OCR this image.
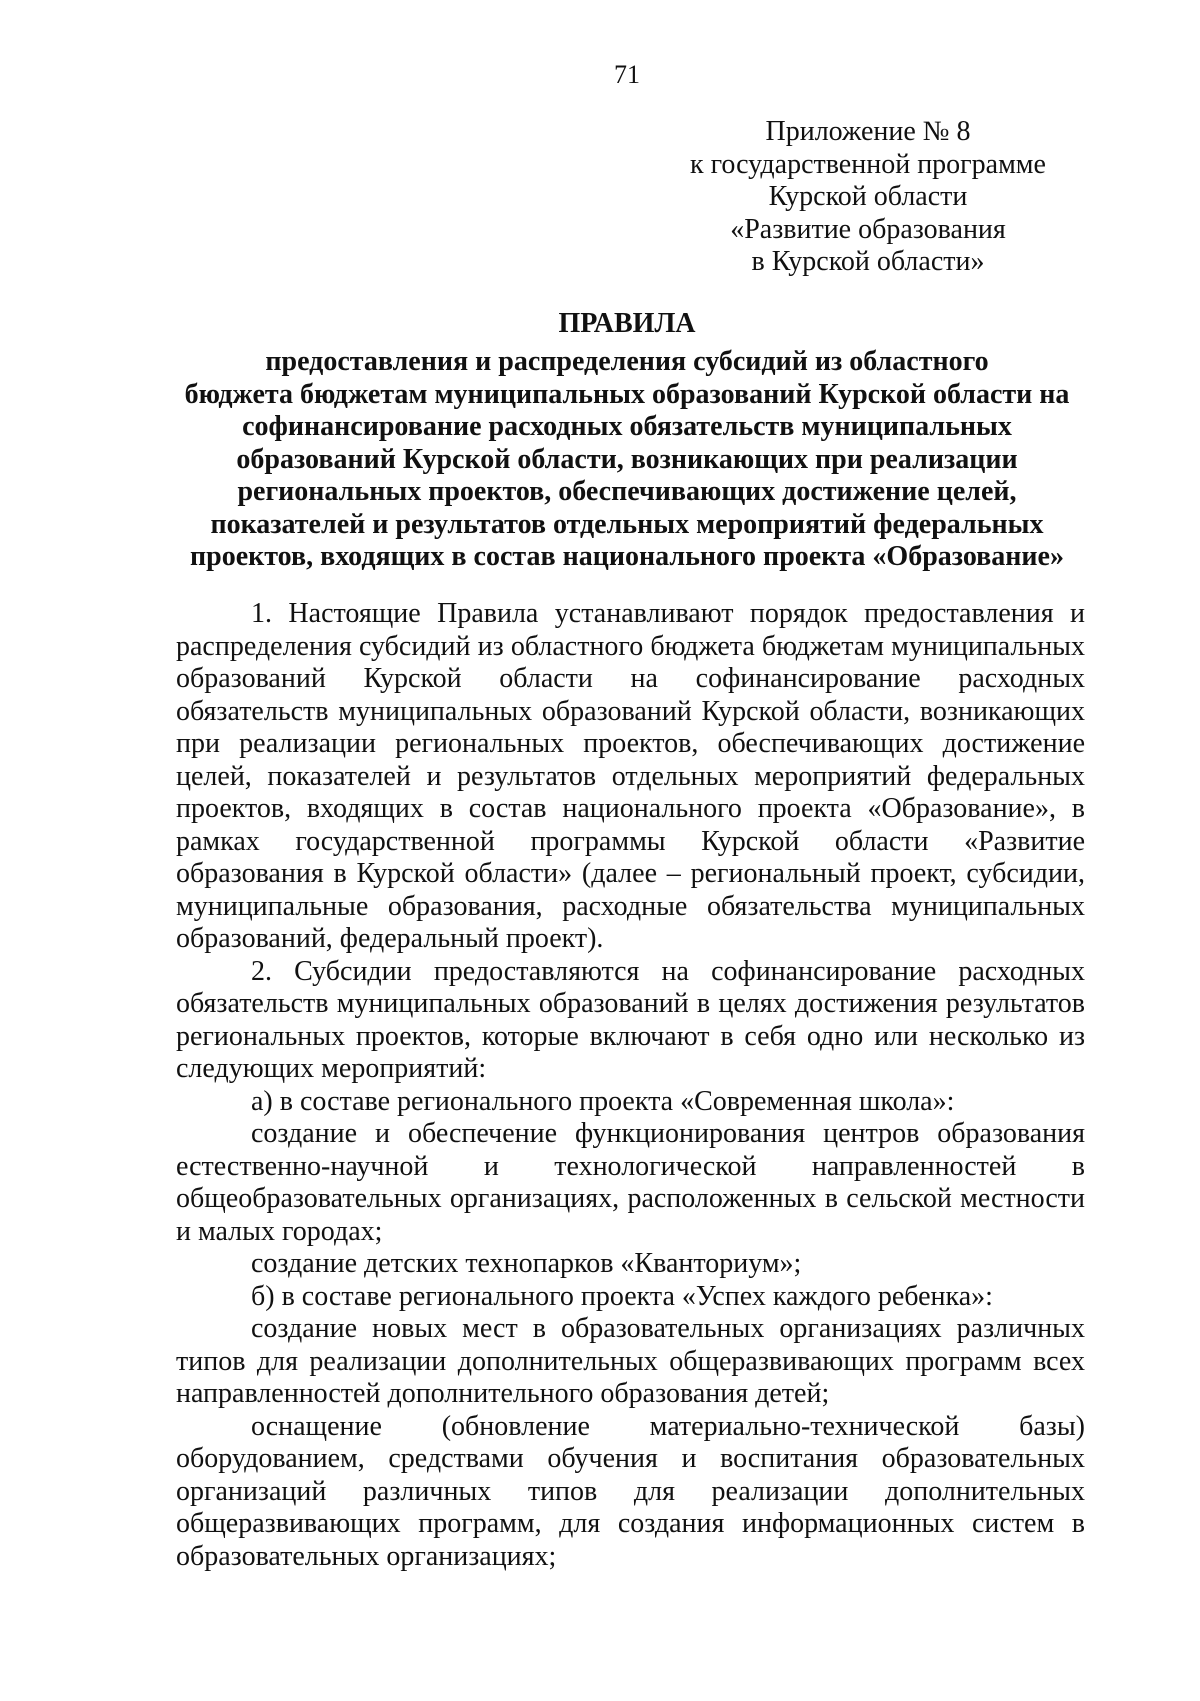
71
Приложение № 8
к государственной программе
Курской области
«Развитие образования
в Курской области»
ПРАВИЛА
предоставления и распределения субсидий из областного
бюджета бюджетам муниципальных образований Курской области на
софинансирование расходных обязательств муниципальных
образований Курской области, возникающих при реализации
региональных проектов, обеспечивающих достижение целей,
показателей и результатов отдельных мероприятий федеральных
проектов, входящих в состав национального проекта «Образование»

1. Настоящие Правила устанавливают порядок предоставления и распределения субсидий из областного бюджета бюджетам муниципальных образований Курской области на софинансирование расходных обязательств муниципальных образований Курской области, возникающих при реализации региональных проектов, обеспечивающих достижение целей, показателей и результатов отдельных мероприятий федеральных проектов, входящих в состав национального проекта «Образование», в рамках государственной программы Курской области «Развитие образования в Курской области» (далее – региональный проект, субсидии, муниципальные образования, расходные обязательства муниципальных образований, федеральный проект).

2. Субсидии предоставляются на софинансирование расходных обязательств муниципальных образований в целях достижения результатов региональных проектов, которые включают в себя одно или несколько из следующих мероприятий:

а) в составе регионального проекта «Современная школа»:

создание и обеспечение функционирования центров образования естественно-научной и технологической направленностей в общеобразовательных организациях, расположенных в сельской местности и малых городах;

создание детских технопарков «Кванториум»;

б) в составе регионального проекта «Успех каждого ребенка»:

создание новых мест в образовательных организациях различных типов для реализации дополнительных общеразвивающих программ всех направленностей дополнительного образования детей;

оснащение (обновление материально-технической базы) оборудованием, средствами обучения и воспитания образовательных организаций различных типов для реализации дополнительных общеразвивающих программ, для создания информационных систем в образовательных организациях;
